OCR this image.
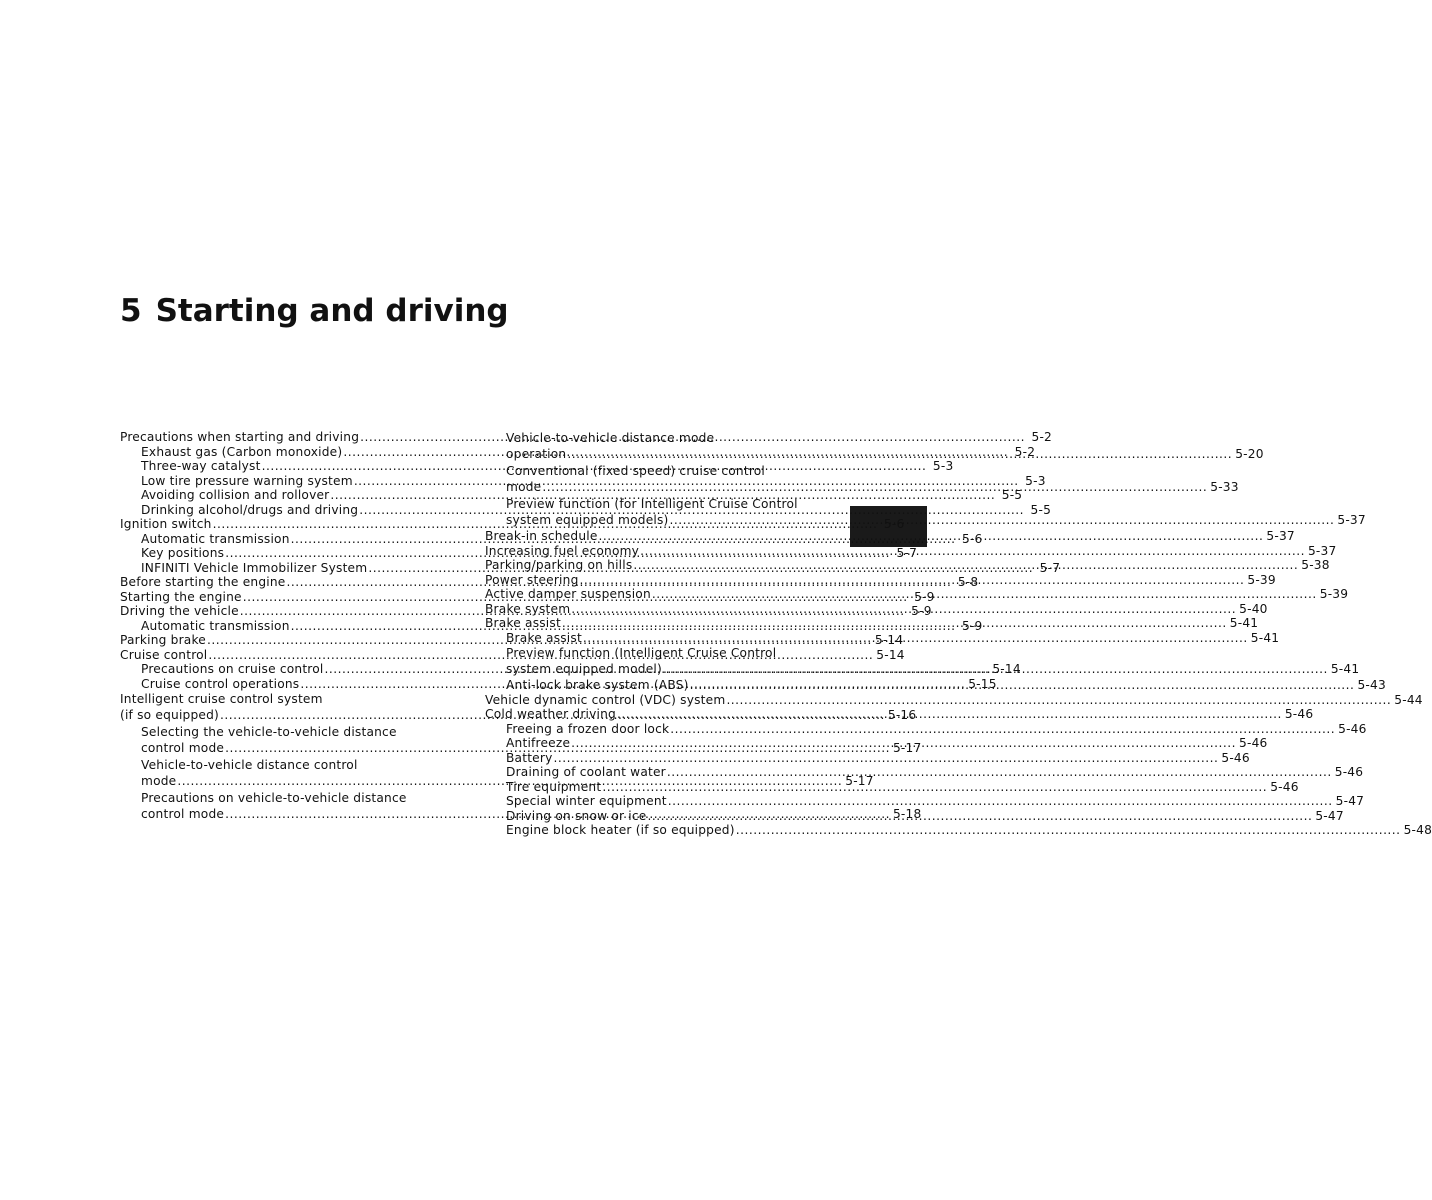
5 Starting and driving
Precautions when starting and driving .....	5-2
Exhaust gas (Carbon monoxide) .....	5-2
Three-way catalyst .....	5-3
Low tire pressure warning system .....	5-3
Avoiding collision and rollover .....	5-5
Drinking alcohol/drugs and driving .....	5-5
Ignition switch .....	5-6
Automatic transmission .....	5-6
Key positions .....	5-7
INFINITI Vehicle Immobilizer System .....	5-7
Before starting the engine .....	5-8
Starting the engine .....	5-9
Driving the vehicle .....	5-9
Automatic transmission .....	5-9
Parking brake .....	5-14
Cruise control .....	5-14
Precautions on cruise control .....	5-14
Cruise control operations .....	5-15
Intelligent cruise control system
(if so equipped) .....	5-16
Selecting the vehicle-to-vehicle distance
control mode .....	5-17
Vehicle-to-vehicle distance control
mode .....	5-17
Precautions on vehicle-to-vehicle distance
control mode .....	5-18
Vehicle-to-vehicle distance mode
operation .....	5-20
Conventional (fixed speed) cruise control
mode .....	5-33
Preview function (for Intelligent Cruise Control
system equipped models) .....	5-37
Break-in schedule .....	5-37
Increasing fuel economy .....	5-37
Parking/parking on hills .....	5-38
Power steering .....	5-39
Active damper suspension .....	5-39
Brake system .....	5-40
Brake assist .....	5-41
Brake assist .....	5-41
Preview function (Intelligent Cruise Control
system equipped model) .....	5-41
Anti-lock brake system (ABS) .....	5-43
Vehicle dynamic control (VDC) system .....	5-44
Cold weather driving .....	5-46
Freeing a frozen door lock .....	5-46
Antifreeze .....	5-46
Battery .....	5-46
Draining of coolant water .....	5-46
Tire equipment .....	5-46
Special winter equipment .....	5-47
Driving on snow or ice .....	5-47
Engine block heater (if so equipped) .....	5-48
